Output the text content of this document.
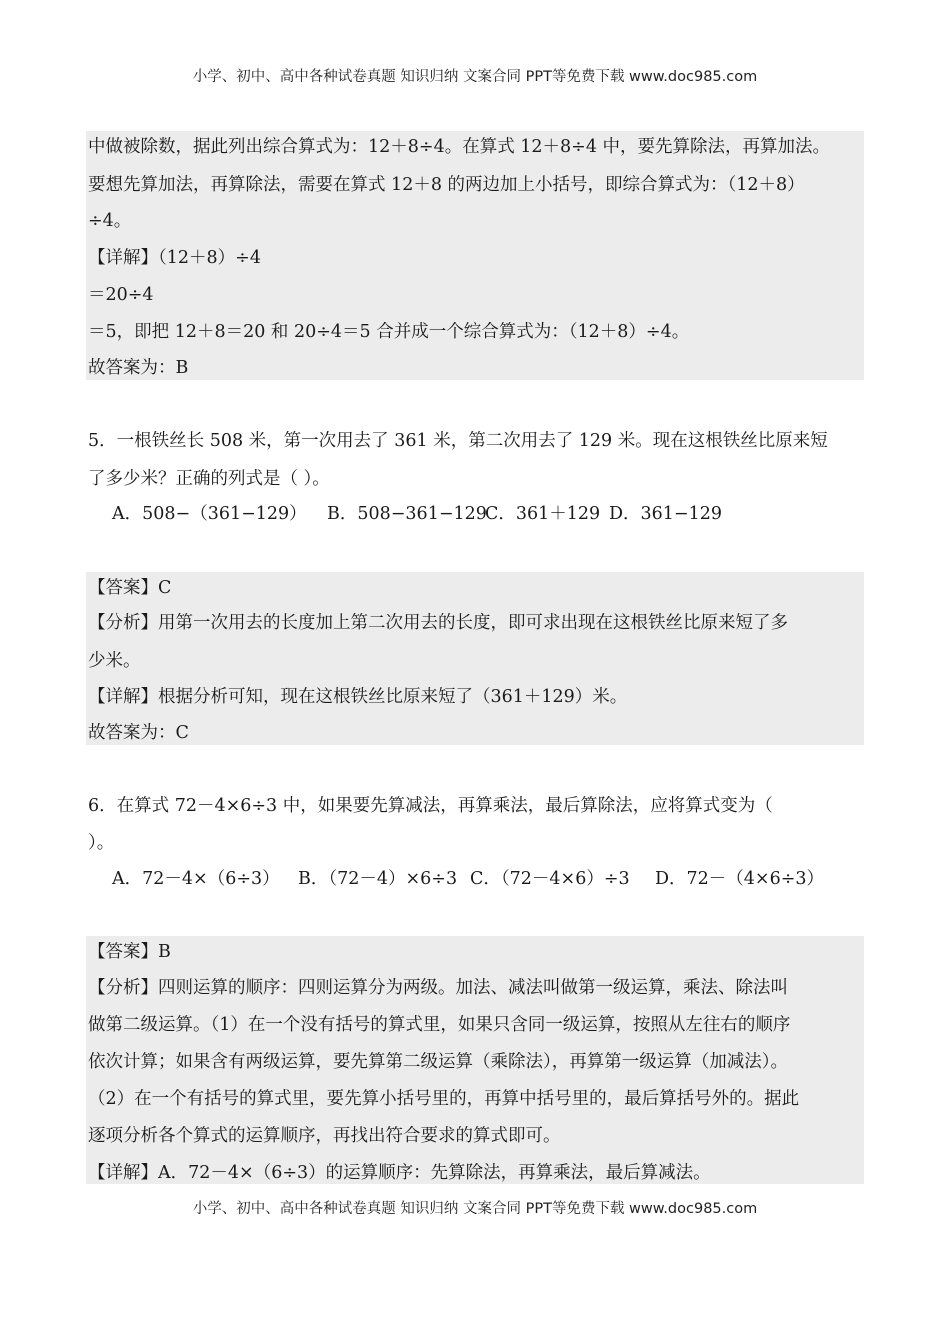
小学、初中、高中各种试卷真题 知识归纳 文案合同 PPT等免费下载 www.doc985.com
中做被除数，据此列出综合算式为：12＋8÷4。在算式 12＋8÷4 中，要先算除法，再算加法。
要想先算加法，再算除法，需要在算式 12＋8 的两边加上小括号，即综合算式为：（12＋8）
÷4。
【详解】（12＋8）÷4
＝20÷4
＝5，即把 12＋8＝20 和 20÷4＝5 合并成一个综合算式为：（12＋8）÷4。
故答案为：B
5．一根铁丝长 508 米，第一次用去了 361 米，第二次用去了 129 米。现在这根铁丝比原来短
了多少米？正确的列式是（ ）。
A．508−（361−129） B．508−361−129
C．361＋129 D．361−129
【答案】C
【分析】用第一次用去的长度加上第二次用去的长度，即可求出现在这根铁丝比原来短了多
少米。
【详解】根据分析可知，现在这根铁丝比原来短了（361＋129）米。
故答案为：C
6．在算式 72－4×6÷3 中，如果要先算减法，再算乘法，最后算除法，应将算式变为（
）。
A．72－4×（6÷3） B．（72－4）×6÷3 C．（72－4×6）÷3 D．72－（4×6÷3）
【答案】B
【分析】四则运算的顺序：四则运算分为两级。加法、减法叫做第一级运算，乘法、除法叫
做第二级运算。（1）在一个没有括号的算式里，如果只含同一级运算，按照从左往右的顺序
依次计算；如果含有两级运算，要先算第二级运算（乘除法），再算第一级运算（加减法）。
（2）在一个有括号的算式里，要先算小括号里的，再算中括号里的，最后算括号外的。据此
逐项分析各个算式的运算顺序，再找出符合要求的算式即可。
【详解】A．72－4×（6÷3）的运算顺序：先算除法，再算乘法，最后算减法。
小学、初中、高中各种试卷真题 知识归纳 文案合同 PPT等免费下载 www.doc985.com
